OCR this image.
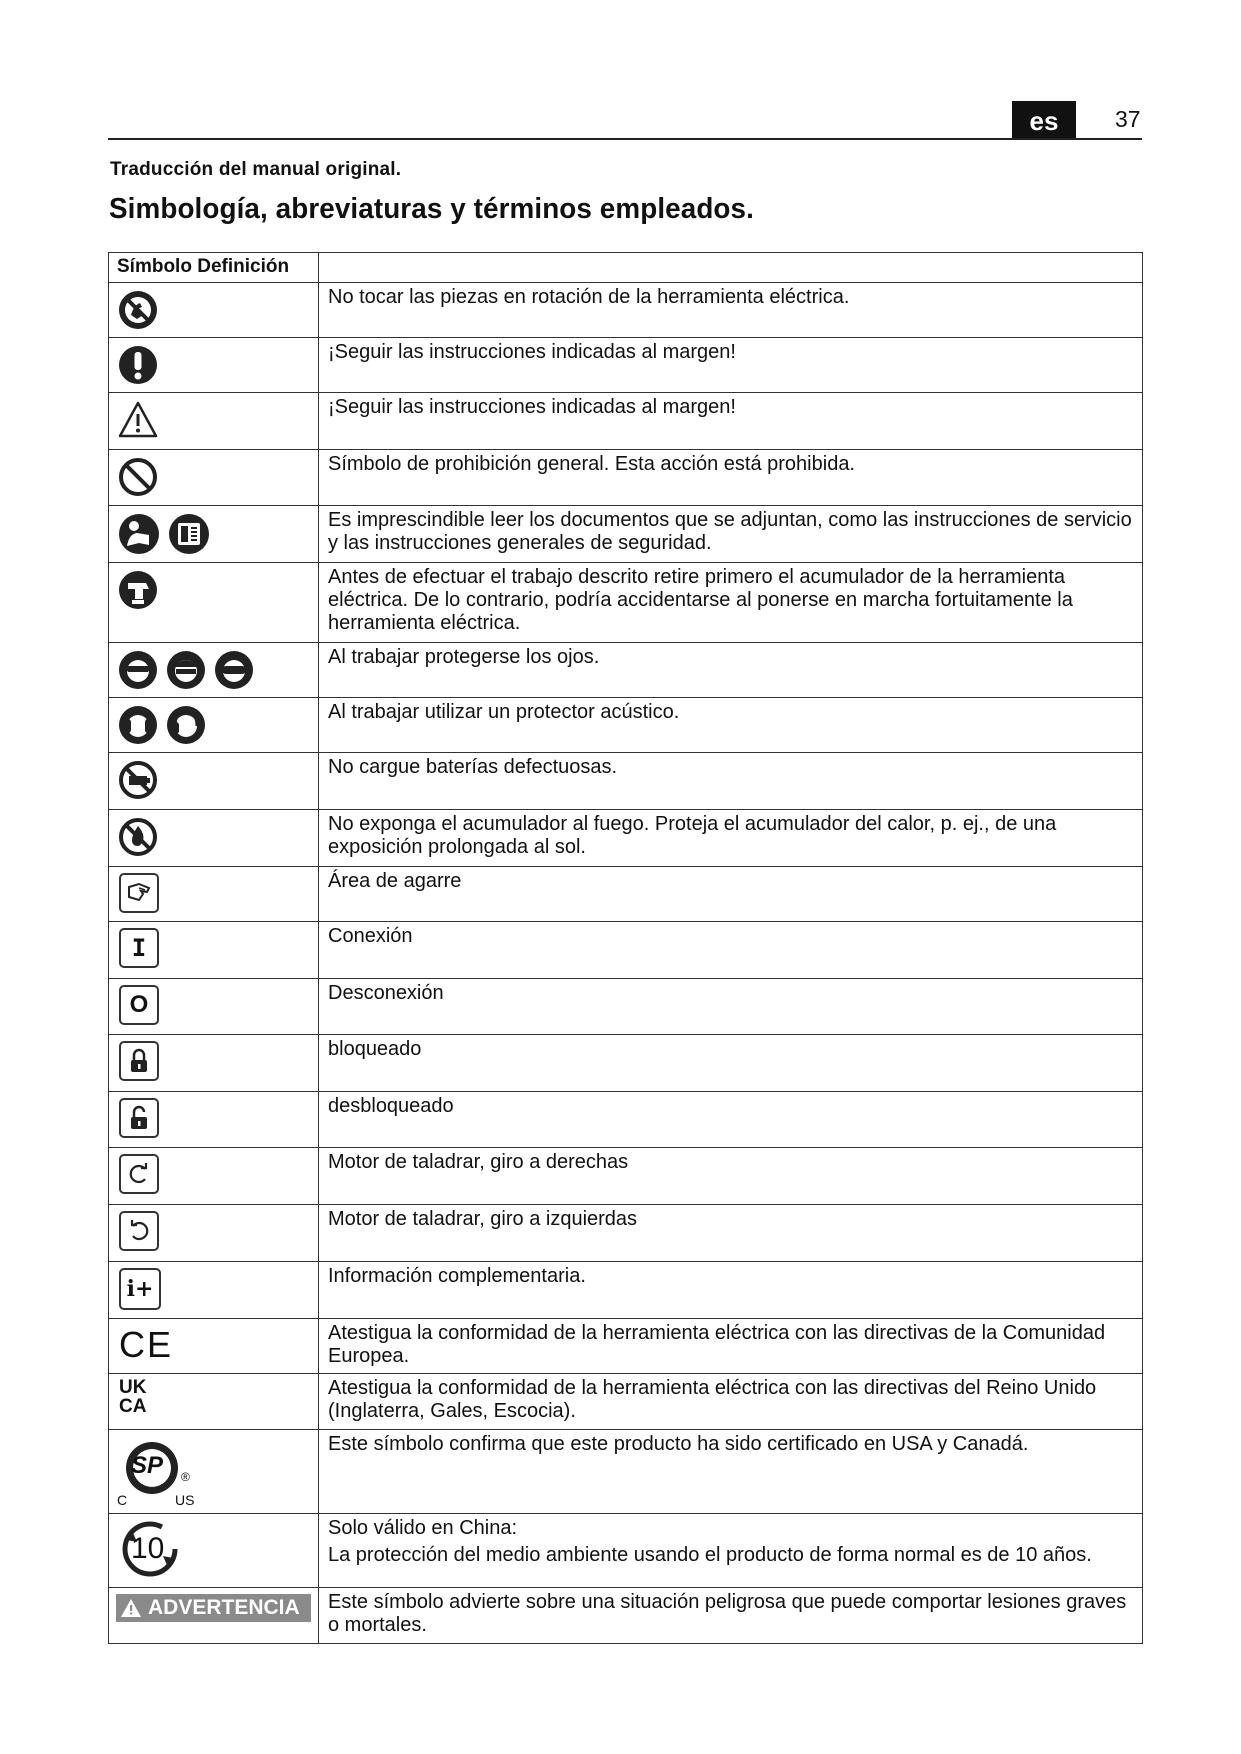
es	37
Traducción del manual original.
Simbología, abreviaturas y términos empleados.
Símbolo Definición	

	No tocar las piezas en rotación de la herramienta eléctrica.

	¡Seguir las instrucciones indicadas al margen!

	¡Seguir las instrucciones indicadas al margen!

	Símbolo de prohibición general. Esta acción está prohibida.

	Es imprescindible leer los documentos que se adjuntan, como las instrucciones de servicio y las instrucciones generales de seguridad.

	Antes de efectuar el trabajo descrito retire primero el acumulador de la herramienta eléctrica. De lo contrario, podría accidentarse al ponerse en marcha fortuitamente la herramienta eléctrica.

	Al trabajar protegerse los ojos.

	Al trabajar utilizar un protector acústico.

	No cargue baterías defectuosas.

	No exponga el acumulador al fuego. Proteja el acumulador del calor, p. ej., de una exposición prolongada al sol.

	Área de agarre

I	Conexión

O	Desconexión

	bloqueado

	desbloqueado

	Motor de taladrar, giro a derechas

	Motor de taladrar, giro a izquierdas

i+	Información complementaria.

CE	Atestigua la conformidad de la herramienta eléctrica con las directivas de la Comunidad Europea.

UK
CA	Atestigua la conformidad de la herramienta eléctrica con las directivas del Reino Unido (Inglaterra, Gales, Escocia).

SP ®
C US	Este símbolo confirma que este producto ha sido certificado en USA y Canadá.

10	Solo válido en China:
La protección del medio ambiente usando el producto de forma normal es de 10 años.

ADVERTENCIA	Este símbolo advierte sobre una situación peligrosa que puede comportar lesiones graves o mortales.
